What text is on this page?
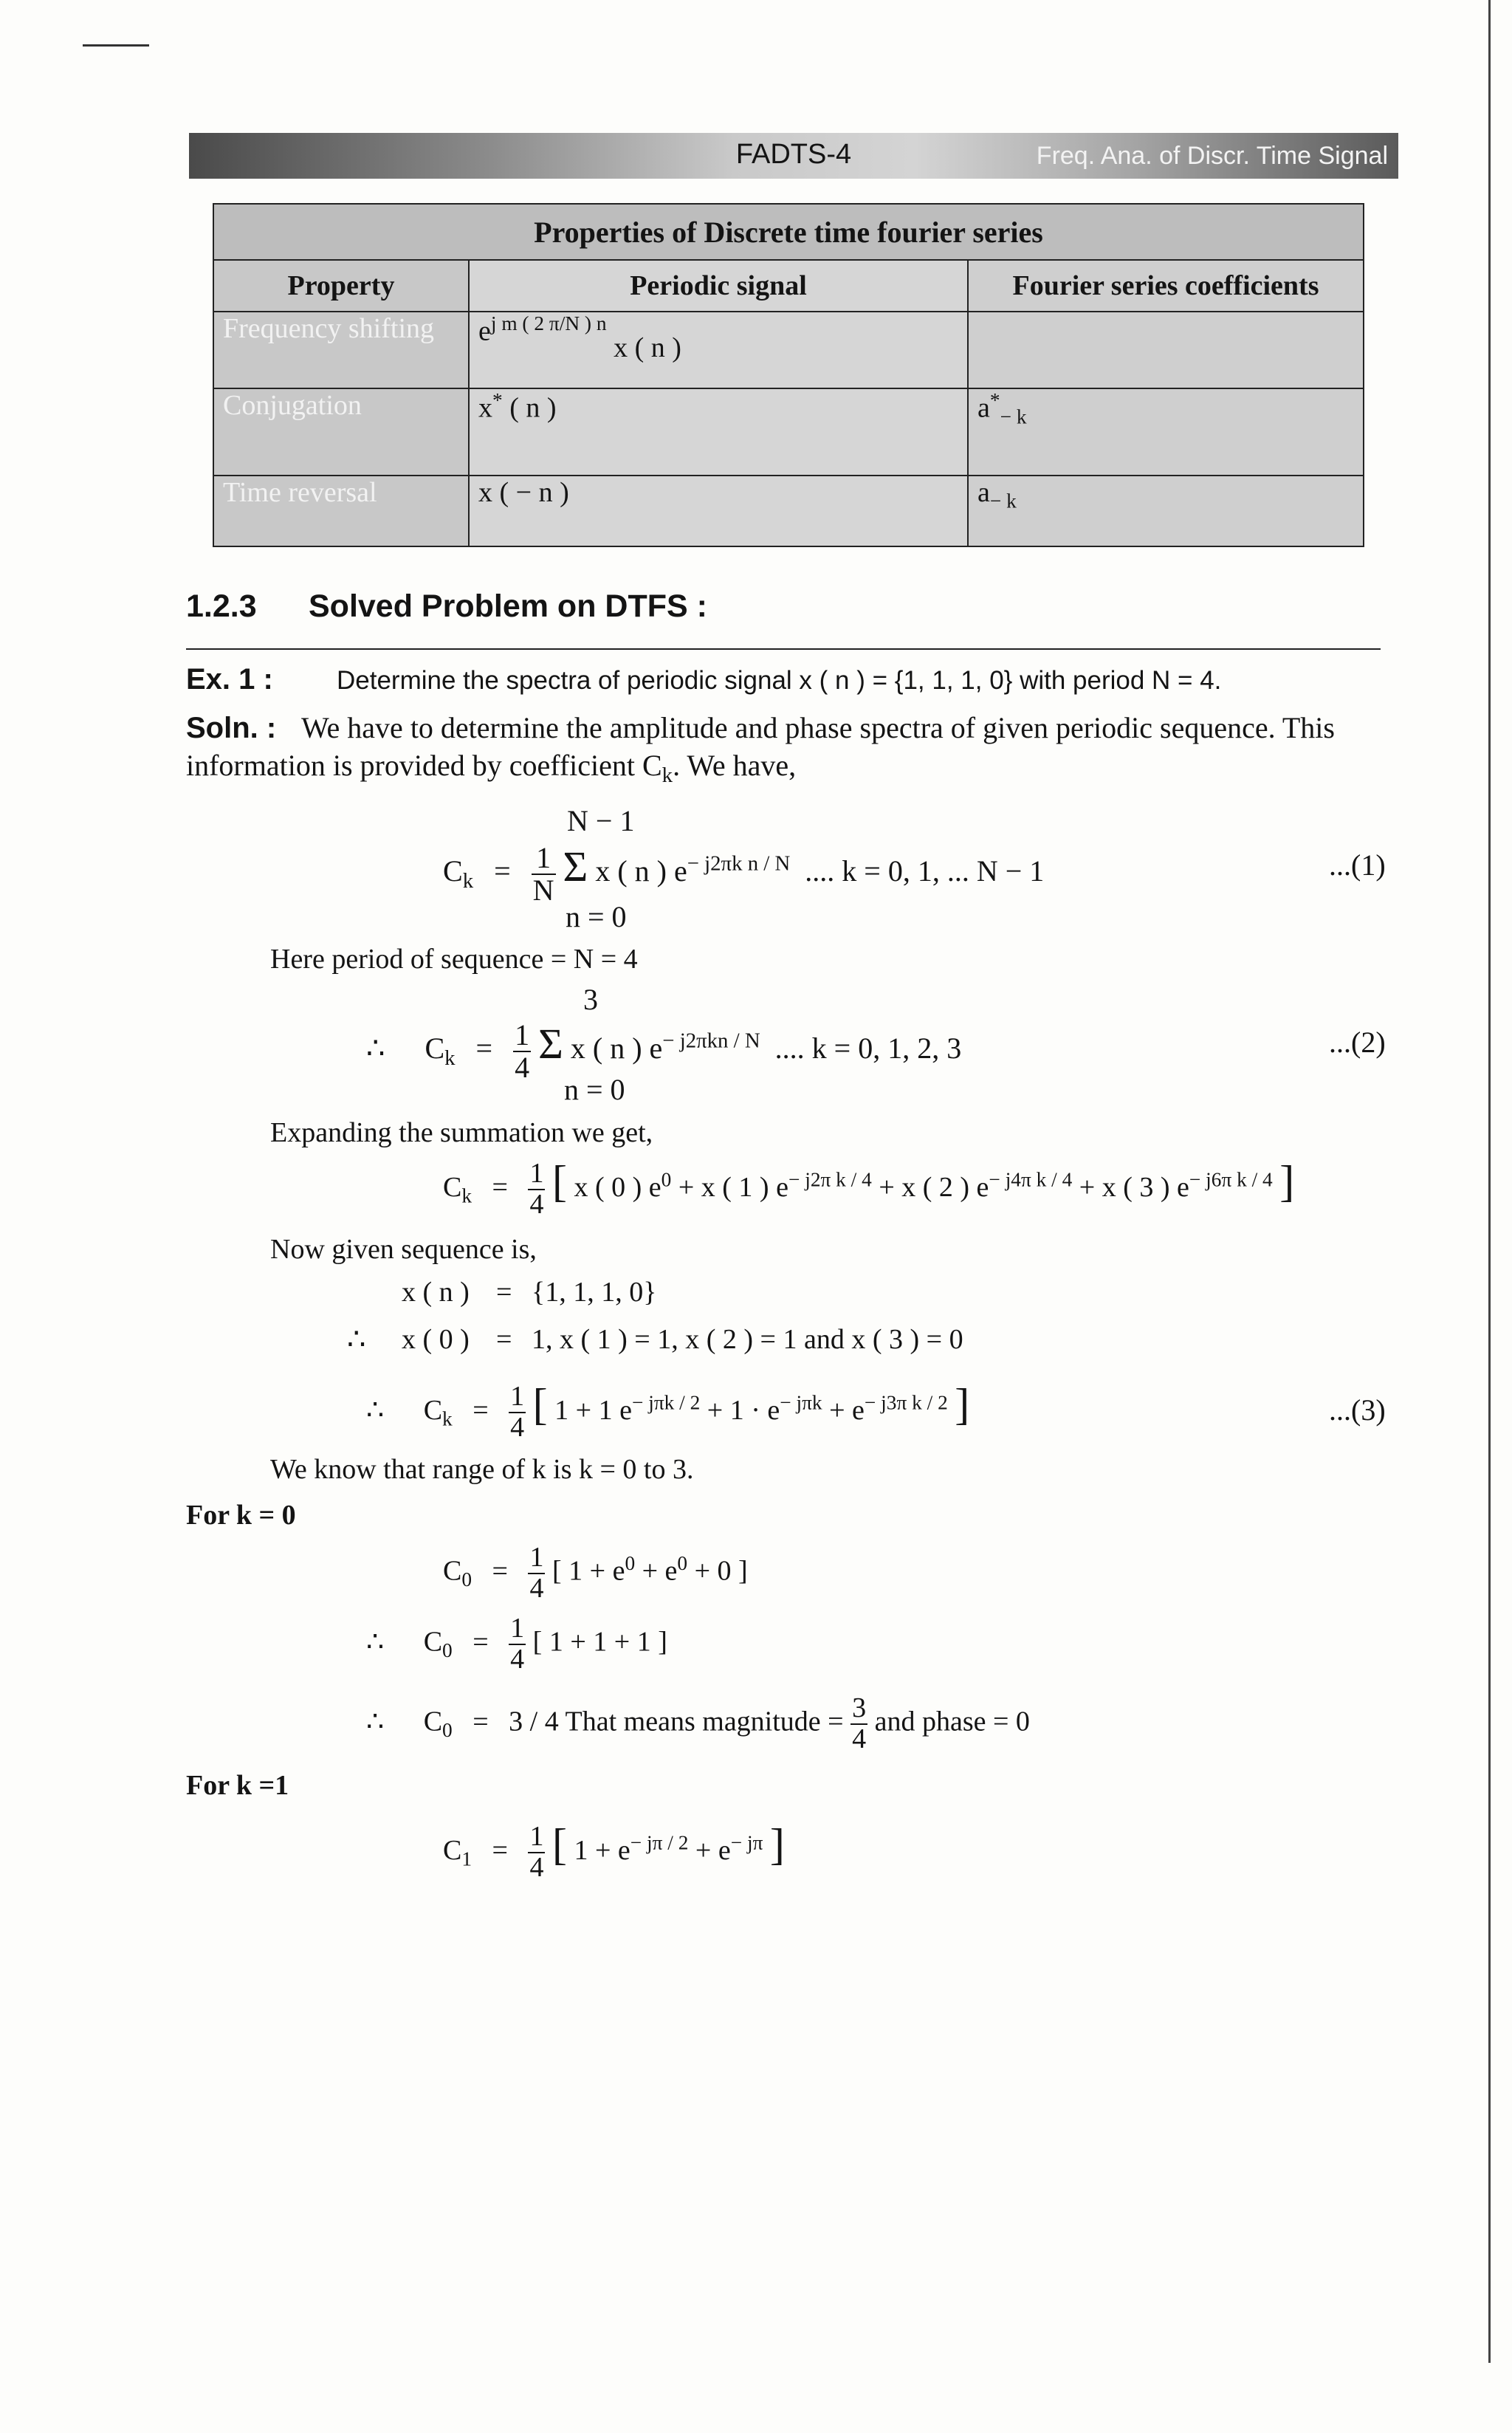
FADTS-4	Freq. Ana. of Discr. Time Signal
Properties of Discrete time fourier series		
Property	Periodic signal	Fourier series coefficients
Frequency shifting	$e^{j m ( 2 \pi/N ) n}$ x ( n )	
Conjugation	x* ( n )	$a^*_{- k}$
Time reversal	x ( − n )	$a_{- k}$
1.2.3 Solved Problem on DTFS :
Ex. 1 : Determine the spectra of periodic signal x ( n ) = {1, 1, 1, 0} with period N = 4.
Soln. : We have to determine the amplitude and phase spectra of given periodic sequence. This
information is provided by coefficient $C_k$. We have,
N − 1
$C_k = \frac{1}{N}$ Σ x ( n ) $e^{- j2\pi k n / N}$ .... k = 0, 1, ... N − 1	...(1)
n = 0
Here period of sequence = N = 4
3
∴ $C_k = \frac{1}{4}$ Σ x ( n ) $e^{- j2\pi kn / N}$ .... k = 0, 1, 2, 3	...(2)
n = 0
Expanding the summation we get,
$C_k = \frac{1}{4}$ [ x ( 0 ) $e^0 + x$ ( 1 ) $e^{- j2\pi k / 4} + x$ ( 2 ) $e^{- j4\pi k / 4} + x$ ( 3 ) $e^{- j6\pi k / 4}$ ]
Now given sequence is,
x ( n ) = {1, 1, 1, 0}
∴ x ( 0 ) = 1, x ( 1 ) = 1, x ( 2 ) = 1 and x ( 3 ) = 0
∴ $C_k = \frac{1}{4}$ [ 1 + 1 $e^{- j\pi k / 2} + 1 \cdot e^{- j\pi k} + e^{- j3\pi k / 2}$ ]	...(3)
We know that range of k is k = 0 to 3.
For k = 0
$C_0 = \frac{1}{4}$ [ $1 + e^0 + e^0 + 0$ ]
∴ $C_0 = \frac{1}{4}$ [ 1 + 1 + 1 ]
∴ $C_0 = 3 / 4$ That means magnitude = $\frac{3}{4}$ and phase = 0
For k =1
$C_1 = \frac{1}{4}$ [ $1 + e^{- j\pi / 2} + e^{- j\pi}$ ]
